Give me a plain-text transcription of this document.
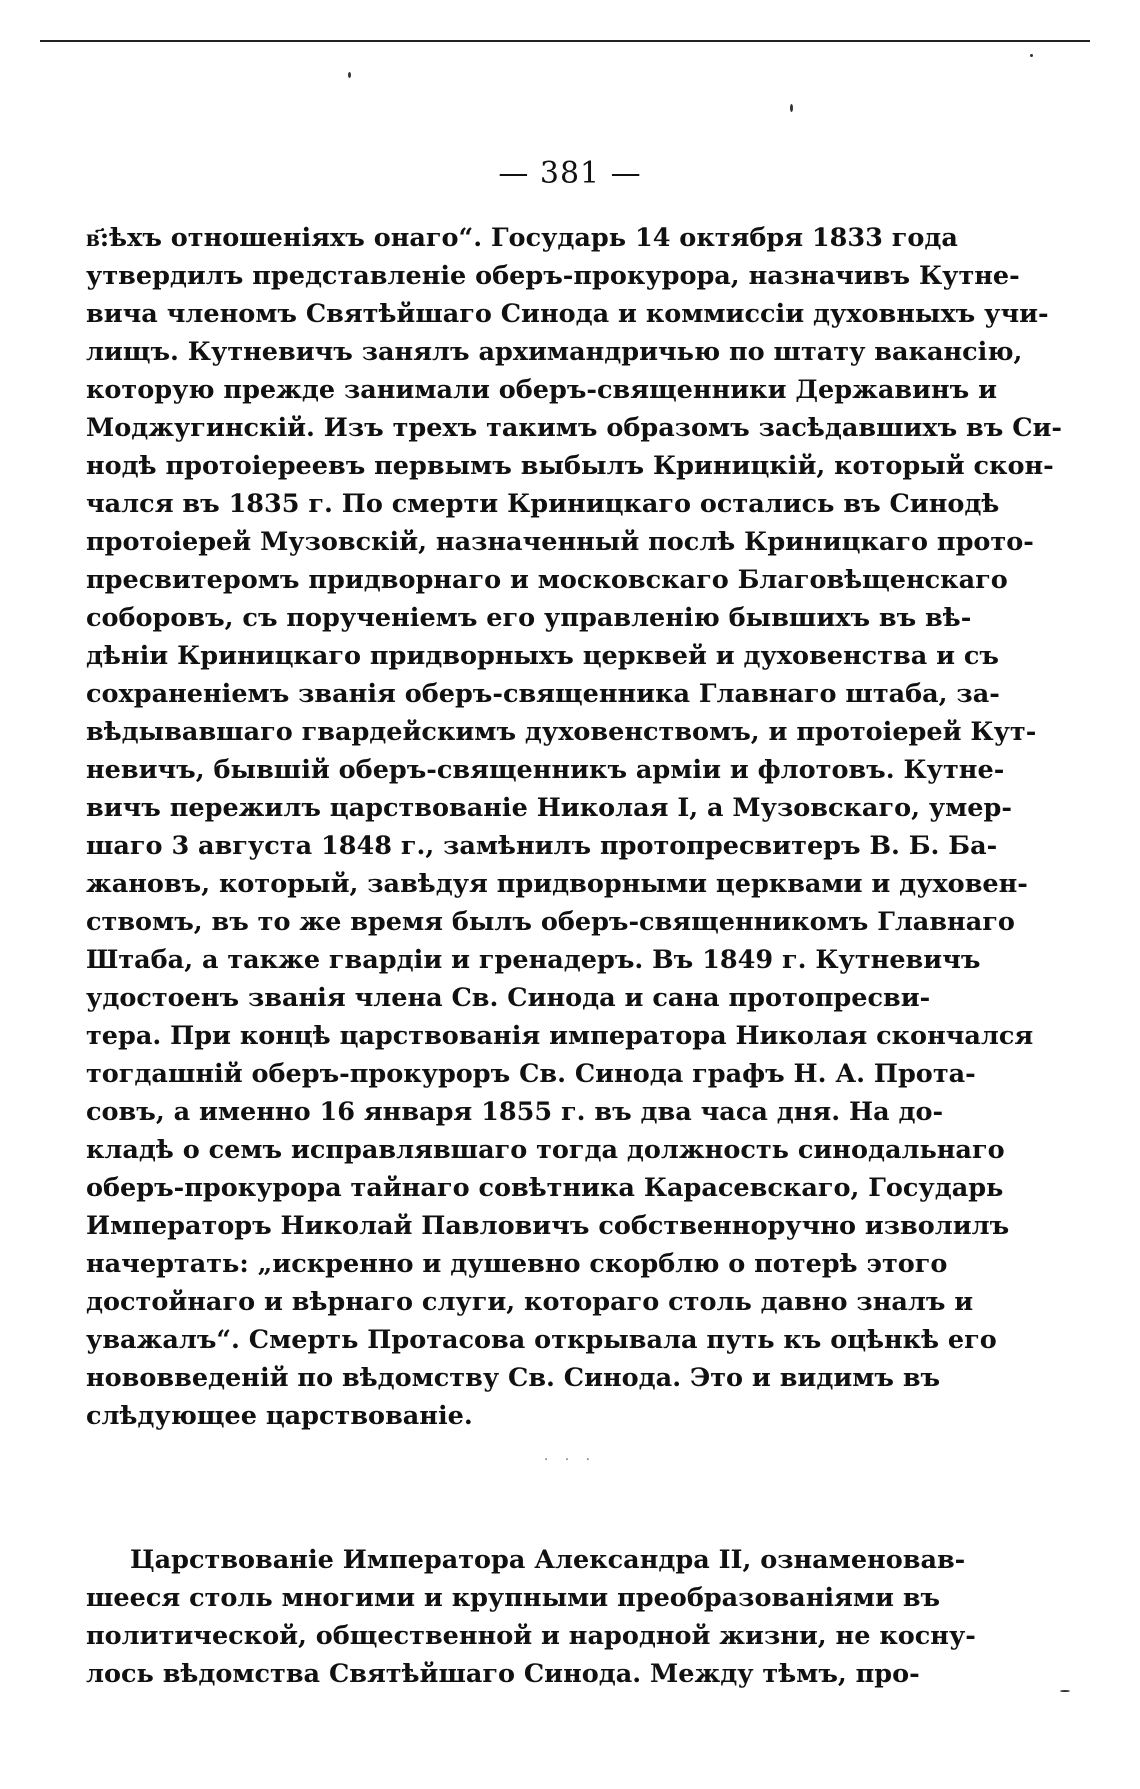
— 381 —
в҃:ѣхъ отношеніяхъ онаго“. Государь 14 октября 1833 года
утвердилъ представленіе оберъ-прокурора, назначивъ Кутне-
вича членомъ Святѣйшаго Синода и коммиссіи духовныхъ учи-
лищъ. Кутневичъ занялъ архимандричью по штату вакансію,
которую прежде занимали оберъ-священники Державинъ и
Моджугинскій. Изъ трехъ такимъ образомъ засѣдавшихъ въ Си-
нодѣ протоіереевъ первымъ выбылъ Криницкій, который скон-
чался въ 1835 г. По смерти Криницкаго остались въ Синодѣ
протоіерей Музовскій, назначенный послѣ Криницкаго прото-
пресвитеромъ придворнаго и московскаго Благовѣщенскаго
соборовъ, съ порученіемъ его управленію бывшихъ въ вѣ-
дѣніи Криницкаго придворныхъ церквей и духовенства и съ
сохраненіемъ званія оберъ-священника Главнаго штаба, за-
вѣдывавшаго гвардейскимъ духовенствомъ, и протоіерей Кут-
невичъ, бывшій оберъ-священникъ арміи и флотовъ. Кутне-
вичъ пережилъ царствованіе Николая I, а Музовскаго, умер-
шаго 3 августа 1848 г., замѣнилъ протопресвитеръ В. Б. Ба-
жановъ, который, завѣдуя придворными церквами и духовен-
ствомъ, въ то же время былъ оберъ-священникомъ Главнаго
Штаба, а также гвардіи и гренадеръ. Въ 1849 г. Кутневичъ
удостоенъ званія члена Св. Синода и сана протопресви-
тера. При концѣ царствованія императора Николая скончался
тогдашній оберъ-прокуроръ Св. Синода графъ Н. А. Прота-
совъ, а именно 16 января 1855 г. въ два часа дня. На до-
кладѣ о семъ исправлявшаго тогда должность синодальнаго
оберъ-прокурора тайнаго совѣтника Карасевскаго, Государь
Императоръ Николай Павловичъ собственноручно изволилъ
начертать: „искренно и душевно скорблю о потерѣ этого
достойнаго и вѣрнаго слуги, котораго столь давно зналъ и
уважалъ“. Смерть Протасова открывала путь къ оцѣнкѣ его
нововведеній по вѣдомству Св. Синода. Это и видимъ въ
слѣдующее царствованіе.
· · ·
Царствованіе Императора Александра II, ознаменовав-
шееся столь многими и крупными преобразованіями въ
политической, общественной и народной жизни, не косну-
лось вѣдомства Святѣйшаго Синода. Между тѣмъ, про-
